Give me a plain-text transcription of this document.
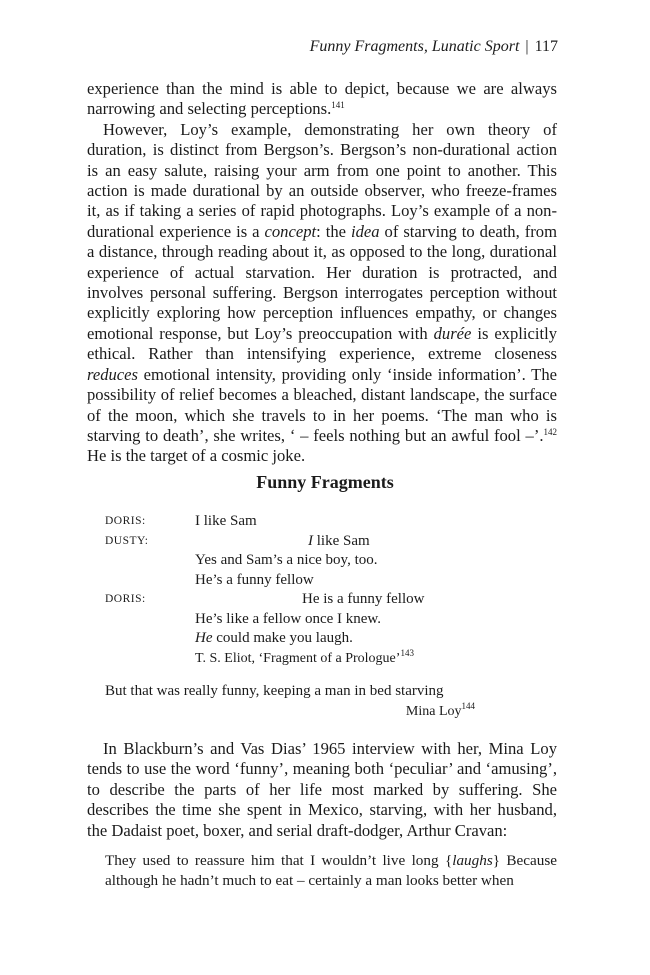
Funny Fragments, Lunatic Sport | 117

experience than the mind is able to depict, because we are always narrowing and selecting perceptions.$^{141}$

However, Loy’s example, demonstrating her own theory of duration, is distinct from Bergson’s. Bergson’s non-durational action is an easy salute, raising your arm from one point to another. This action is made durational by an outside observer, who freeze-frames it, as if taking a series of rapid photographs. Loy’s example of a non-durational experience is a concept: the idea of starving to death, from a distance, through reading about it, as opposed to the long, durational experience of actual starvation. Her duration is protracted, and involves personal suffering. Bergson interrogates perception without explicitly exploring how perception influences empathy, or changes emotional response, but Loy’s preoccupation with durée is explicitly ethical. Rather than intensifying experience, extreme closeness reduces emotional intensity, providing only ‘inside information’. The possibility of relief becomes a bleached, distant landscape, the surface of the moon, which she travels to in her poems. ‘The man who is starving to death’, she writes, ‘ – feels nothing but an awful fool –’.$^{142}$ He is the target of a cosmic joke.

Funny Fragments
DORIS:	I like Sam
DUSTY:	I like Sam
Yes and Sam’s a nice boy, too.
He’s a funny fellow
DORIS:	He is a funny fellow
He’s like a fellow once I knew.
He could make you laugh.
T. S. Eliot, ‘Fragment of a Prologue’$^{143}$
But that was really funny, keeping a man in bed starving
Mina Loy$^{144}$

In Blackburn’s and Vas Dias’ 1965 interview with her, Mina Loy tends to use the word ‘funny’, meaning both ‘peculiar’ and ‘amusing’, to describe the parts of her life most marked by suffering. She describes the time she spent in Mexico, starving, with her husband, the Dadaist poet, boxer, and serial draft-dodger, Arthur Cravan:

They used to reassure him that I wouldn’t live long {laughs} Because although he hadn’t much to eat – certainly a man looks better when
